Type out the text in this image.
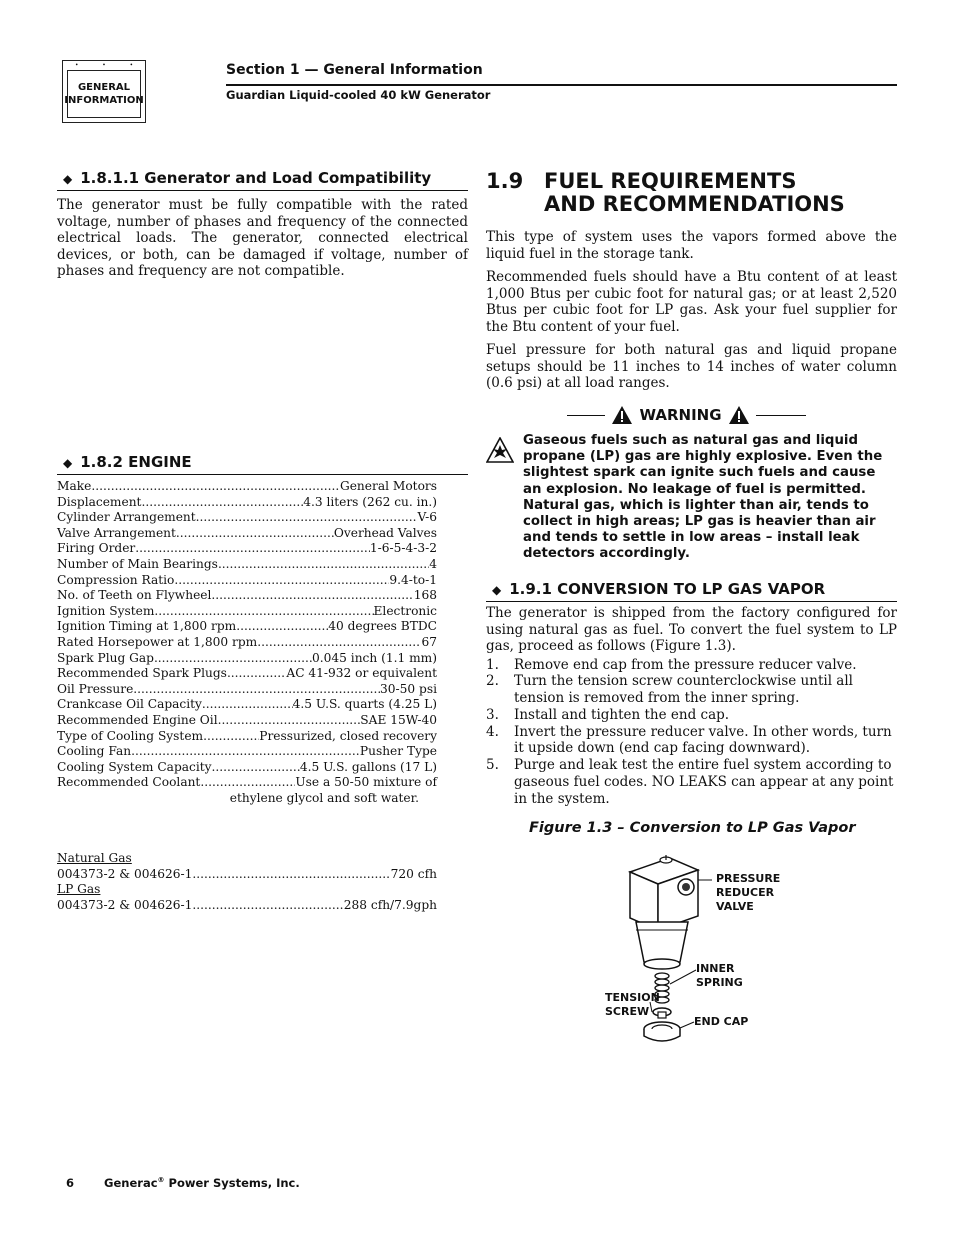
•	•	•
GENERAL
INFORMATION
Section 1 — General Information
Guardian Liquid-cooled 40 kW Generator
◆ 1.8.1.1 Generator and Load Compatibility

The generator must be fully compatible with the rated voltage, number of phases and frequency of the connected electrical loads. The generator, connected electrical devices, or both, can be damaged if voltage, number of phases and frequency are not compatible.

◆ 1.8.2 ENGINE
Make .....	General Motors
Displacement .....	4.3 liters (262 cu. in.)
Cylinder Arrangement .....	V-6
Valve Arrangement .....	Overhead Valves
Firing Order .....	1-6-5-4-3-2
Number of Main Bearings .....	4
Compression Ratio .....	9.4-to-1
No. of Teeth on Flywheel .....	168
Ignition System .....	Electronic
Ignition Timing at 1,800 rpm .....	40 degrees BTDC
Rated Horsepower at 1,800 rpm .....	67
Spark Plug Gap .....	0.045 inch (1.1 mm)
Recommended Spark Plugs .....	AC 41-932 or equivalent
Oil Pressure .....	30-50 psi
Crankcase Oil Capacity .....	4.5 U.S. quarts (4.25 L)
Recommended Engine Oil .....	SAE 15W-40
Type of Cooling System .....	Pressurized, closed recovery
Cooling Fan .....	Pusher Type
Cooling System Capacity .....	4.5 U.S. gallons (17 L)
Recommended Coolant .....	Use a 50-50 mixture of
ethylene glycol and soft water.
Natural Gas
004373-2 & 004626-1 .....	720 cfh
LP Gas
004373-2 & 004626-1 .....	288 cfh/7.9gph
1.9 FUEL REQUIREMENTS
AND RECOMMENDATIONS

This type of system uses the vapors formed above the liquid fuel in the storage tank.

Recommended fuels should have a Btu content of at least 1,000 Btus per cubic foot for natural gas; or at least 2,520 Btus per cubic foot for LP gas. Ask your fuel supplier for the Btu content of your fuel.

Fuel pressure for both natural gas and liquid propane setups should be 11 inches to 14 inches of water column (0.6 psi) at all load ranges.

WARNING
Gaseous fuels such as natural gas and liquid propane (LP) gas are highly explosive. Even the slightest spark can ignite such fuels and cause an explosion. No leakage of fuel is permitted. Natural gas, which is lighter than air, tends to collect in high areas; LP gas is heavier than air and tends to settle in low areas – install leak detectors accordingly.
◆ 1.9.1 CONVERSION TO LP GAS VAPOR

The generator is shipped from the factory configured for using natural gas as fuel. To convert the fuel system to LP gas, proceed as follows (Figure 1.3).

1.	Remove end cap from the pressure reducer valve.
2.	Turn the tension screw counterclockwise until all tension is removed from the inner spring.
3.	Install and tighten the end cap.
4.	Invert the pressure reducer valve. In other words, turn it upside down (end cap facing downward).
5.	Purge and leak test the entire fuel system according to gaseous fuel codes. NO LEAKS can appear at any point in the system.
Figure 1.3 – Conversion to LP Gas Vapor
PRESSURE
REDUCER
VALVE
INNER
SPRING
TENSION
SCREW
END CAP
6	Generac® Power Systems, Inc.
